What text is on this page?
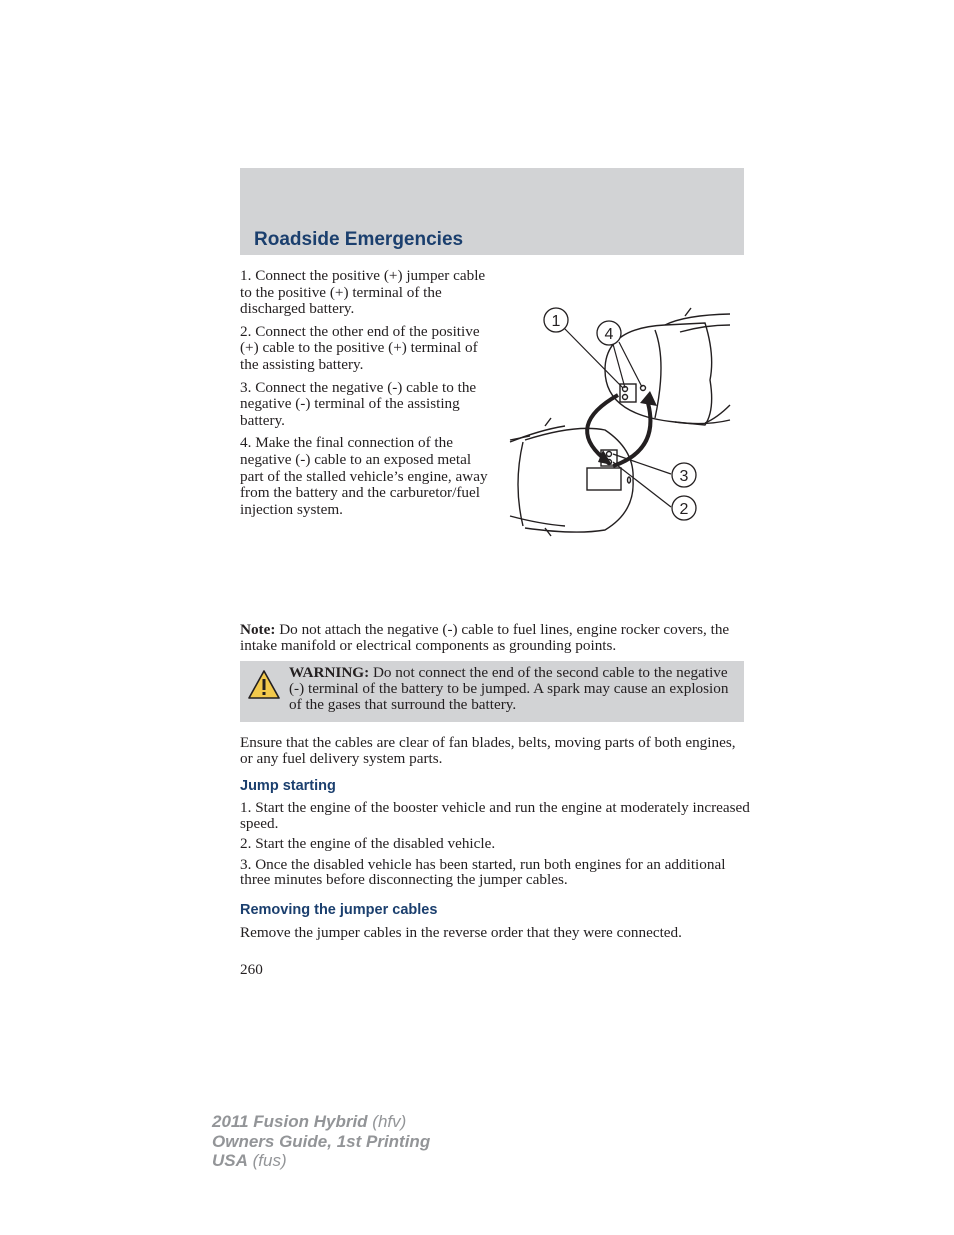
Roadside Emergencies

1. Connect the positive (+) jumper cable to the positive (+) terminal of the discharged battery.

2. Connect the other end of the positive (+) cable to the positive (+) terminal of the assisting battery.

3. Connect the negative (-) cable to the negative (-) terminal of the assisting battery.

4. Make the final connection of the negative (-) cable to an exposed metal part of the stalled vehicle’s engine, away from the battery and the carburetor/fuel injection system.

1
4
3
2

Note: Do not attach the negative (-) cable to fuel lines, engine rocker covers, the intake manifold or electrical components as grounding points.

WARNING: Do not connect the end of the second cable to the negative (-) terminal of the battery to be jumped. A spark may cause an explosion of the gases that surround the battery.

Ensure that the cables are clear of fan blades, belts, moving parts of both engines, or any fuel delivery system parts.

Jump starting

1. Start the engine of the booster vehicle and run the engine at moderately increased speed.

2. Start the engine of the disabled vehicle.

3. Once the disabled vehicle has been started, run both engines for an additional three minutes before disconnecting the jumper cables.

Removing the jumper cables

Remove the jumper cables in the reverse order that they were connected.

260
2011 Fusion Hybrid (hfv)
Owners Guide, 1st Printing
USA (fus)
